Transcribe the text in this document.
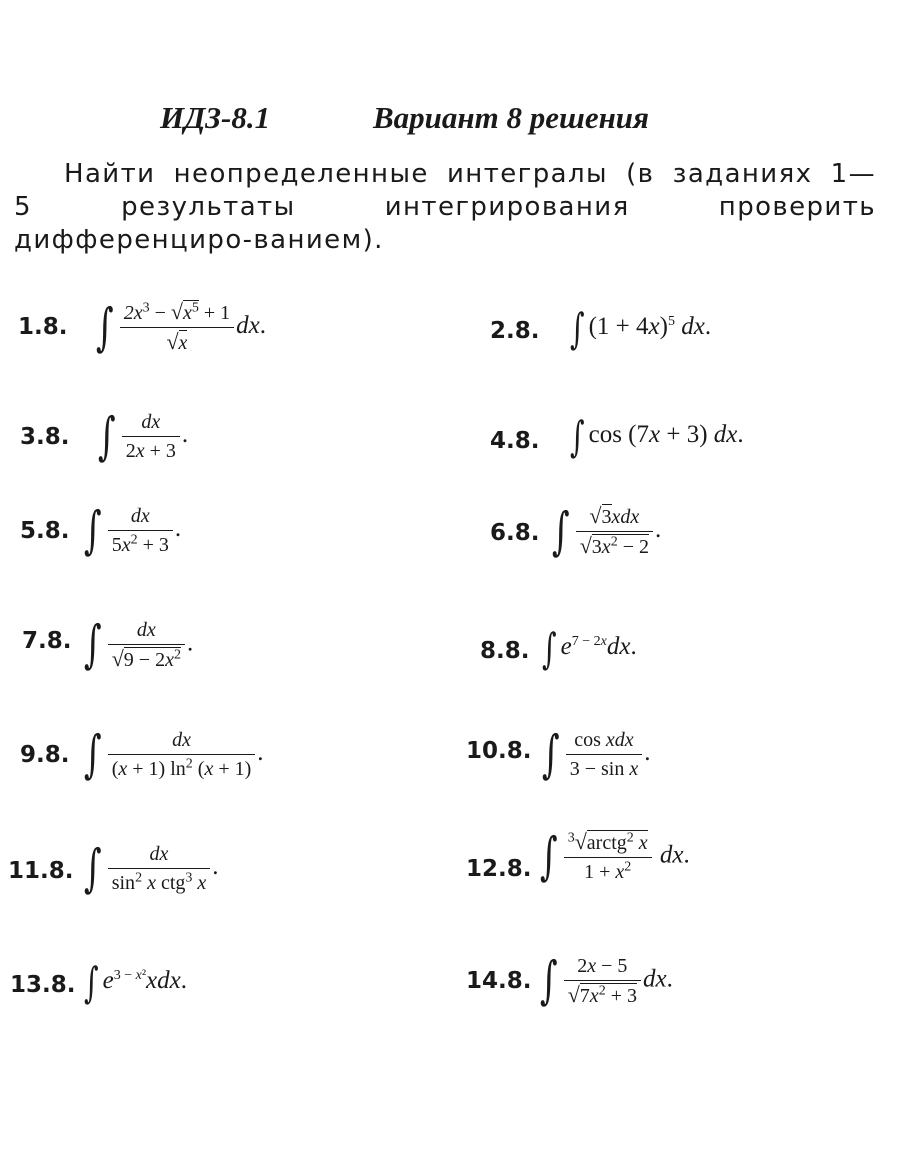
ИДЗ-8.1	Вариант 8 решения
Найти неопределенные интегралы (в заданиях 1—5 результаты интегрирования проверить дифференциро-ванием).
1.8. ∫ $\frac{2x^3 - √x^5 + 1}{√x}$ dx.	2.8. ∫ $(1 + 4x)^5$ dx.
3.8. ∫ $\frac{dx}{2x + 3}$ .	4.8. ∫ cos (7x + 3) dx.
5.8. ∫ $\frac{dx}{5x^2 + 3}$ .	6.8. ∫ $\frac{\text{√3xdx}}{√3x^2 - 2}$ .
7.8. ∫ $\frac{dx}{√9 - 2x^2}$ .	8.8. ∫ $e^{7 - 2x}dx$.
9.8. ∫ $\frac{dx}{(x + 1) \ln^2 (x + 1)}$ .	10.8. ∫ $\frac{\text{cos xdx}}{\text{3 − sin x}}$ .
11.8. ∫ $\frac{dx}{\sin^2 x ctg^3 x}$ .	12.8. ∫ $\frac{^3√arctg^2 x}{1 + x^2}$ dx.
13.8. ∫ $e^{3 - x^2}xdx$.	14.8. ∫ $\frac{2x - 5}{√7x^2 + 3}$ dx.
